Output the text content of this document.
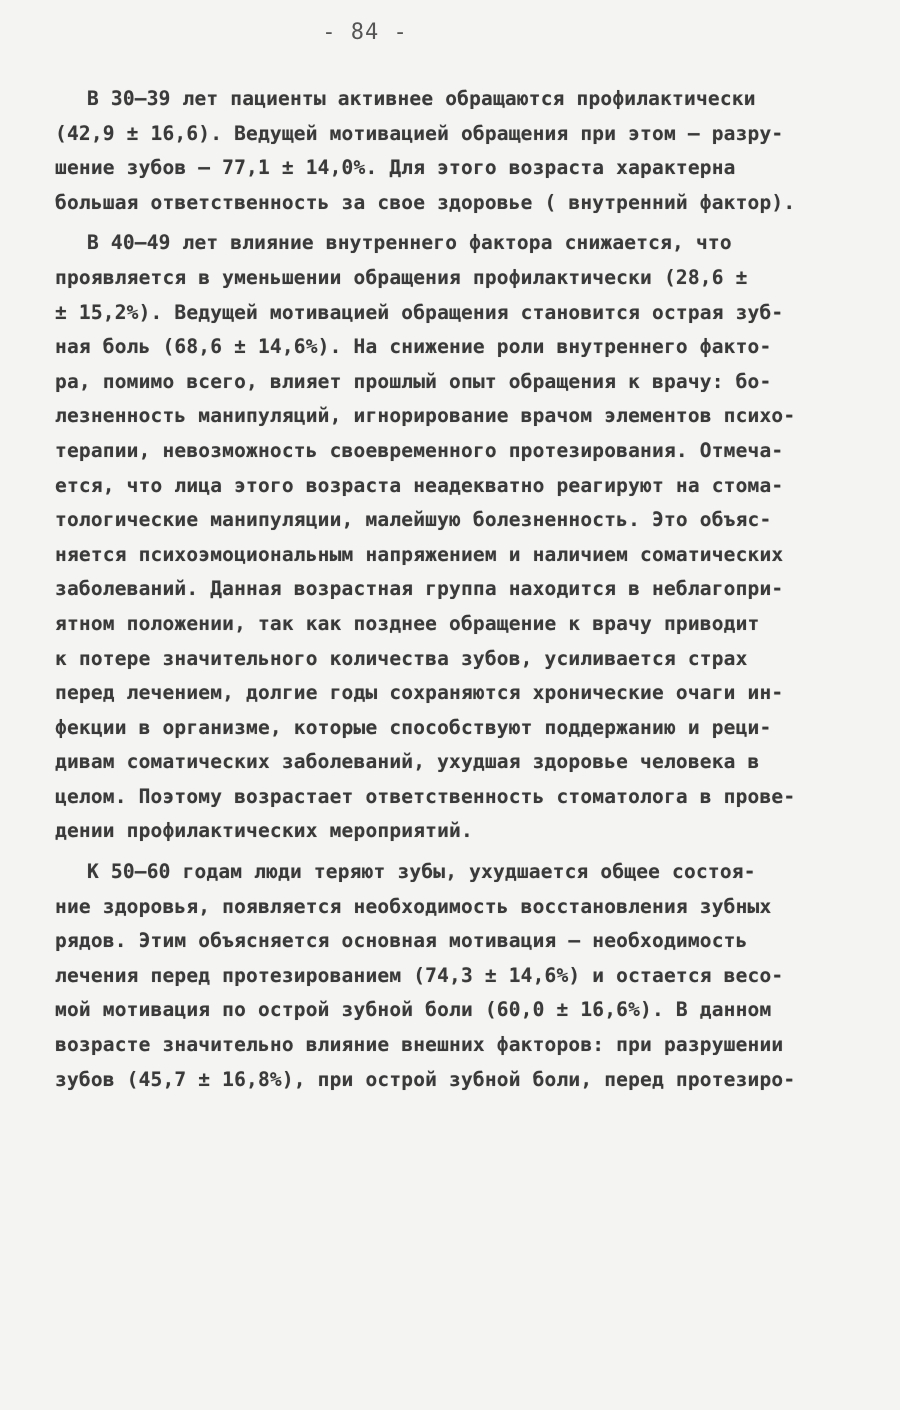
- 84 -
В 30–39 лет пациенты активнее обращаются профилактически
(42,9 ± 16,6). Ведущей мотивацией обращения при этом – разру-
шение зубов – 77,1 ± 14,0%. Для этого возраста характерна
большая ответственность за свое здоровье ( внутренний фактор).
В 40–49 лет влияние внутреннего фактора снижается, что
проявляется в уменьшении обращения профилактически (28,6 ±
± 15,2%). Ведущей мотивацией обращения становится острая зуб-
ная боль (68,6 ± 14,6%). На снижение роли внутреннего факто-
ра, помимо всего, влияет прошлый опыт обращения к врачу: бо-
лезненность манипуляций, игнорирование врачом элементов психо-
терапии, невозможность своевременного протезирования. Отмеча-
ется, что лица этого возраста неадекватно реагируют на стома-
тологические манипуляции, малейшую болезненность. Это объяс-
няется психоэмоциональным напряжением и наличием соматических
заболеваний. Данная возрастная группа находится в неблагопри-
ятном положении, так как позднее обращение к врачу приводит
к потере значительного количества зубов, усиливается страх
перед лечением, долгие годы сохраняются хронические очаги ин-
фекции в организме, которые способствуют поддержанию и реци-
дивам соматических заболеваний, ухудшая здоровье человека в
целом. Поэтому возрастает ответственность стоматолога в прове-
дении профилактических мероприятий.
К 50–60 годам люди теряют зубы, ухудшается общее состоя-
ние здоровья, появляется необходимость восстановления зубных
рядов. Этим объясняется основная мотивация – необходимость
лечения перед протезированием (74,3 ± 14,6%) и остается весо-
мой мотивация по острой зубной боли (60,0 ± 16,6%). В данном
возрасте значительно влияние внешних факторов: при разрушении
зубов (45,7 ± 16,8%), при острой зубной боли, перед протезиро-
